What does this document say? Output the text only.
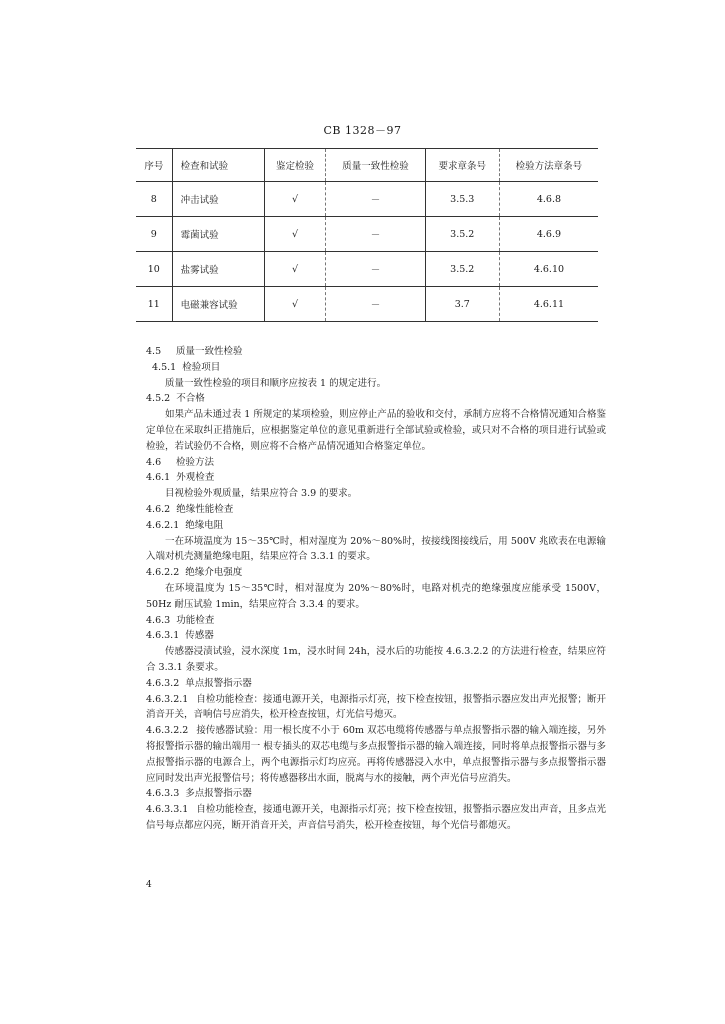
CB 1328－97
序号	检查和试验	鉴定检验	质量一致性检验	要求章条号	检验方法章条号
8	冲击试验	√	－	3.5.3	4.6.8
9	霉菌试验	√	－	3.5.2	4.6.9
10	盐雾试验	√	－	3.5.2	4.6.10
11	电磁兼容试验	√	－	3.7	4.6.11

4.5 质量一致性检验

4.5.1 检验项目

质量一致性检验的项目和顺序应按表 1 的规定进行。

4.5.2 不合格

如果产品未通过表 1 所规定的某项检验，则应停止产品的验收和交付，承制方应将不合格情况通知合格鉴定单位在采取纠正措施后，应根据鉴定单位的意见重新进行全部试验或检验，或只对不合格的项目进行试验或检验，若试验仍不合格，则应将不合格产品情况通知合格鉴定单位。

4.6 检验方法

4.6.1 外观检查

目视检验外观质量，结果应符合 3.9 的要求。

4.6.2 绝缘性能检查

4.6.2.1 绝缘电阻

一在环境温度为 15～35℃时，相对湿度为 20%～80%时，按接线图接线后，用 500V 兆欧表在电源输入端对机壳测量绝缘电阻，结果应符合 3.3.1 的要求。

4.6.2.2 绝缘介电强度

在环境温度为 15～35℃时，相对湿度为 20%～80%时，电路对机壳的绝缘强度应能承受 1500V，50Hz 耐压试验 1min，结果应符合 3.3.4 的要求。

4.6.3 功能检查

4.6.3.1 传感器

传感器浸渍试验，浸水深度 1m，浸水时间 24h，浸水后的功能按 4.6.3.2.2 的方法进行检查，结果应符合 3.3.1 条要求。

4.6.3.2 单点报警指示器

4.6.3.2.1 自检功能检查：接通电源开关，电源指示灯亮，按下检查按钮，报警指示器应发出声光报警；断开消音开关，音响信号应消失，松开检查按钮，灯光信号熄灭。

4.6.3.2.2 接传感器试验：用一根长度不小于 60m 双芯电缆将传感器与单点报警指示器的输入端连接，另外将报警指示器的输出端用一 根专插头的双芯电缆与多点报警指示器的输入端连接，同时将单点报警指示器与多点报警指示器的电源合上，两个电源指示灯均应亮。再将传感器浸入水中，单点报警指示器与多点报警指示器应同时发出声光报警信号；将传感器移出水面，脱离与水的接触，两个声光信号应消失。

4.6.3.3 多点报警指示器

4.6.3.3.1 自检功能检查，接通电源开关，电源指示灯亮；按下检查按钮，报警指示器应发出声音，且多点光信号每点都应闪亮，断开消音开关，声音信号消失，松开检查按钮，每个光信号都熄灭。

4
